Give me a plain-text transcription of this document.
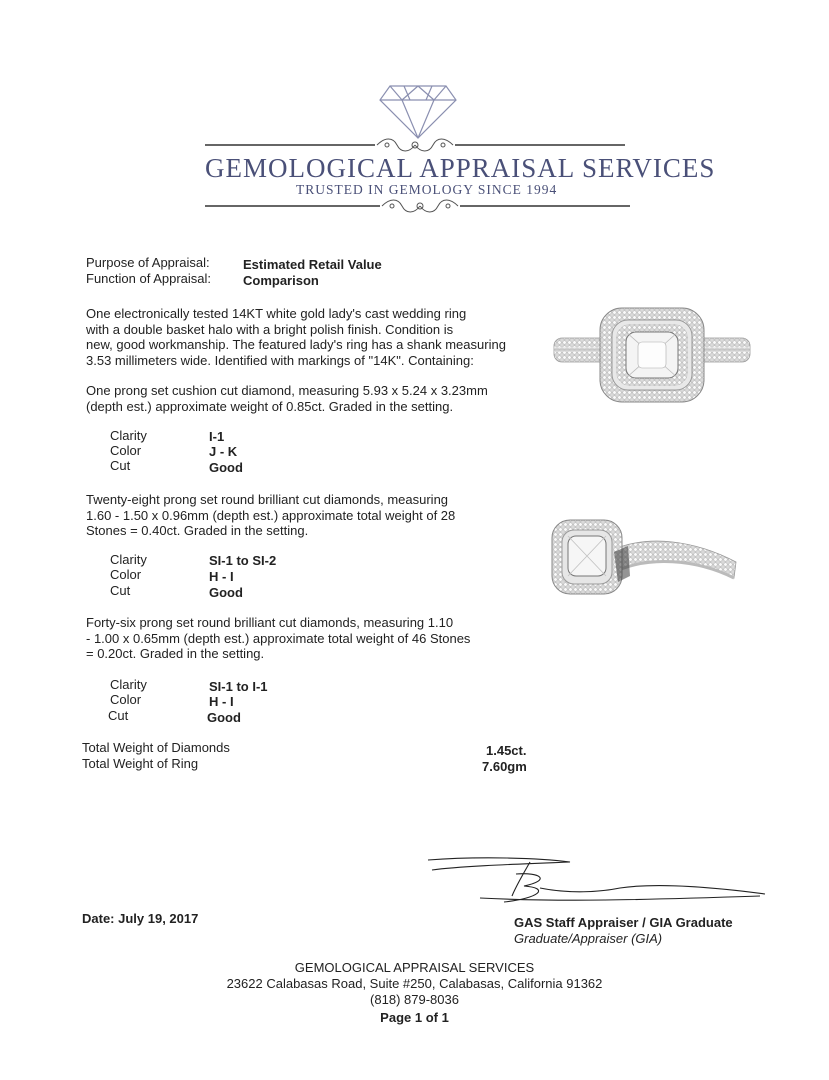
GEMOLOGICAL APPRAISAL SERVICES
TRUSTED IN GEMOLOGY SINCE 1994
Purpose of Appraisal:	Estimated Retail Value
Function of Appraisal: Comparison
One electronically tested 14KT white gold lady's cast wedding ring
with a double basket halo with a bright polish finish. Condition is
new, good workmanship. The featured lady's ring has a shank measuring
3.53 millimeters wide. Identified with markings of "14K". Containing:
One prong set cushion cut diamond, measuring 5.93 x 5.24 x 3.23mm
(depth est.) approximate weight of 0.85ct. Graded in the setting.
Clarity	I-1
Color	J - K
Cut	Good
Twenty-eight prong set round brilliant cut diamonds, measuring
1.60 - 1.50 x 0.96mm (depth est.) approximate total weight of 28
Stones = 0.40ct. Graded in the setting.
Clarity	SI-1 to SI-2
Color	H - I
Cut	Good
Forty-six prong set round brilliant cut diamonds, measuring 1.10
- 1.00 x 0.65mm (depth est.) approximate total weight of 46 Stones
= 0.20ct. Graded in the setting.
Clarity	SI-1 to I-1
Color	H - I
Cut	Good
Total Weight of Diamonds	1.45ct.
Total Weight of Ring	7.60gm
Date: July 19, 2017	GAS Staff Appraiser / GIA Graduate
Graduate/Appraiser (GIA)
GEMOLOGICAL APPRAISAL SERVICES
23622 Calabasas Road, Suite #250, Calabasas, California 91362
(818) 879-8036
Page 1 of 1
